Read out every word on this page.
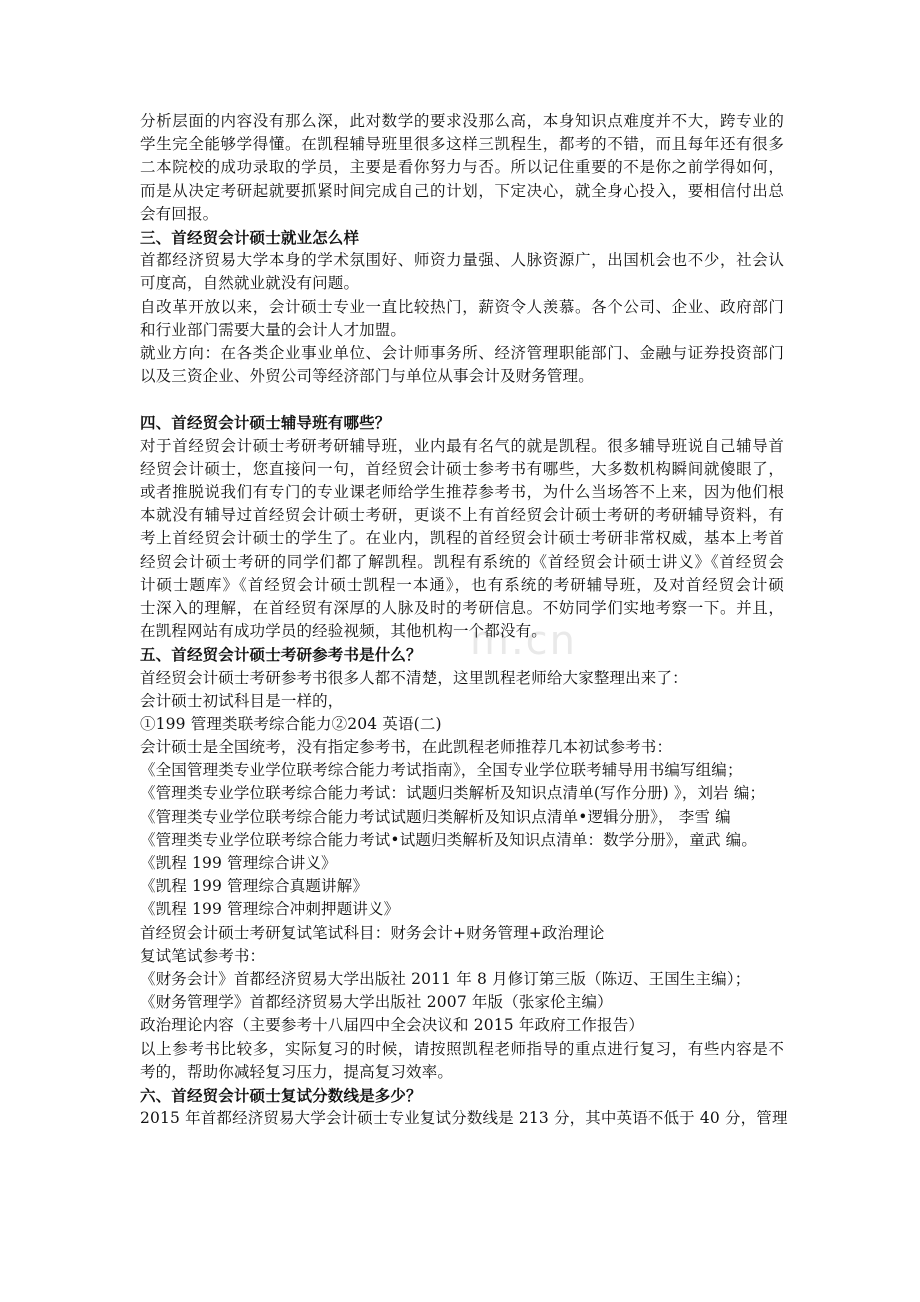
m.cn
分析层面的内容没有那么深，此对数学的要求没那么高，本身知识点难度并不大，跨专业的
学生完全能够学得懂。在凯程辅导班里很多这样三凯程生，都考的不错，而且每年还有很多
二本院校的成功录取的学员，主要是看你努力与否。所以记住重要的不是你之前学得如何，
而是从决定考研起就要抓紧时间完成自己的计划，下定决心，就全身心投入，要相信付出总
会有回报。
三、首经贸会计硕士就业怎么样
首都经济贸易大学本身的学术氛围好、师资力量强、人脉资源广，出国机会也不少，社会认
可度高，自然就业就没有问题。
自改革开放以来，会计硕士专业一直比较热门，薪资令人羡慕。各个公司、企业、政府部门
和行业部门需要大量的会计人才加盟。
就业方向：在各类企业事业单位、会计师事务所、经济管理职能部门、金融与证券投资部门
以及三资企业、外贸公司等经济部门与单位从事会计及财务管理。
四、首经贸会计硕士辅导班有哪些？
对于首经贸会计硕士考研考研辅导班，业内最有名气的就是凯程。很多辅导班说自己辅导首
经贸会计硕士，您直接问一句，首经贸会计硕士参考书有哪些，大多数机构瞬间就傻眼了，
或者推脱说我们有专门的专业课老师给学生推荐参考书，为什么当场答不上来，因为他们根
本就没有辅导过首经贸会计硕士考研，更谈不上有首经贸会计硕士考研的考研辅导资料，有
考上首经贸会计硕士的学生了。在业内，凯程的首经贸会计硕士考研非常权威，基本上考首
经贸会计硕士考研的同学们都了解凯程。凯程有系统的《首经贸会计硕士讲义》《首经贸会
计硕士题库》《首经贸会计硕士凯程一本通》，也有系统的考研辅导班，及对首经贸会计硕
士深入的理解，在首经贸有深厚的人脉及时的考研信息。不妨同学们实地考察一下。并且，
在凯程网站有成功学员的经验视频，其他机构一个都没有。
五、首经贸会计硕士考研参考书是什么？
首经贸会计硕士考研参考书很多人都不清楚，这里凯程老师给大家整理出来了：
会计硕士初试科目是一样的，
①199 管理类联考综合能力②204 英语(二)
会计硕士是全国统考，没有指定参考书，在此凯程老师推荐几本初试参考书：
《全国管理类专业学位联考综合能力考试指南》，全国专业学位联考辅导用书编写组编；
《管理类专业学位联考综合能力考试：试题归类解析及知识点清单(写作分册) 》，刘岩 编；
《管理类专业学位联考综合能力考试试题归类解析及知识点清单•逻辑分册》， 李雪 编
《管理类专业学位联考综合能力考试•试题归类解析及知识点清单：数学分册》，童武 编。
《凯程 199 管理综合讲义》
《凯程 199 管理综合真题讲解》
《凯程 199 管理综合冲刺押题讲义》
首经贸会计硕士考研复试笔试科目：财务会计+财务管理+政治理论
复试笔试参考书：
《财务会计》首都经济贸易大学出版社 2011 年 8 月修订第三版（陈迈、王国生主编）；
《财务管理学》首都经济贸易大学出版社 2007 年版（张家伦主编）
政治理论内容（主要参考十八届四中全会决议和 2015 年政府工作报告）
以上参考书比较多，实际复习的时候，请按照凯程老师指导的重点进行复习，有些内容是不
考的，帮助你减轻复习压力，提高复习效率。
六、首经贸会计硕士复试分数线是多少？
2015 年首都经济贸易大学会计硕士专业复试分数线是 213 分，其中英语不低于 40 分，管理
